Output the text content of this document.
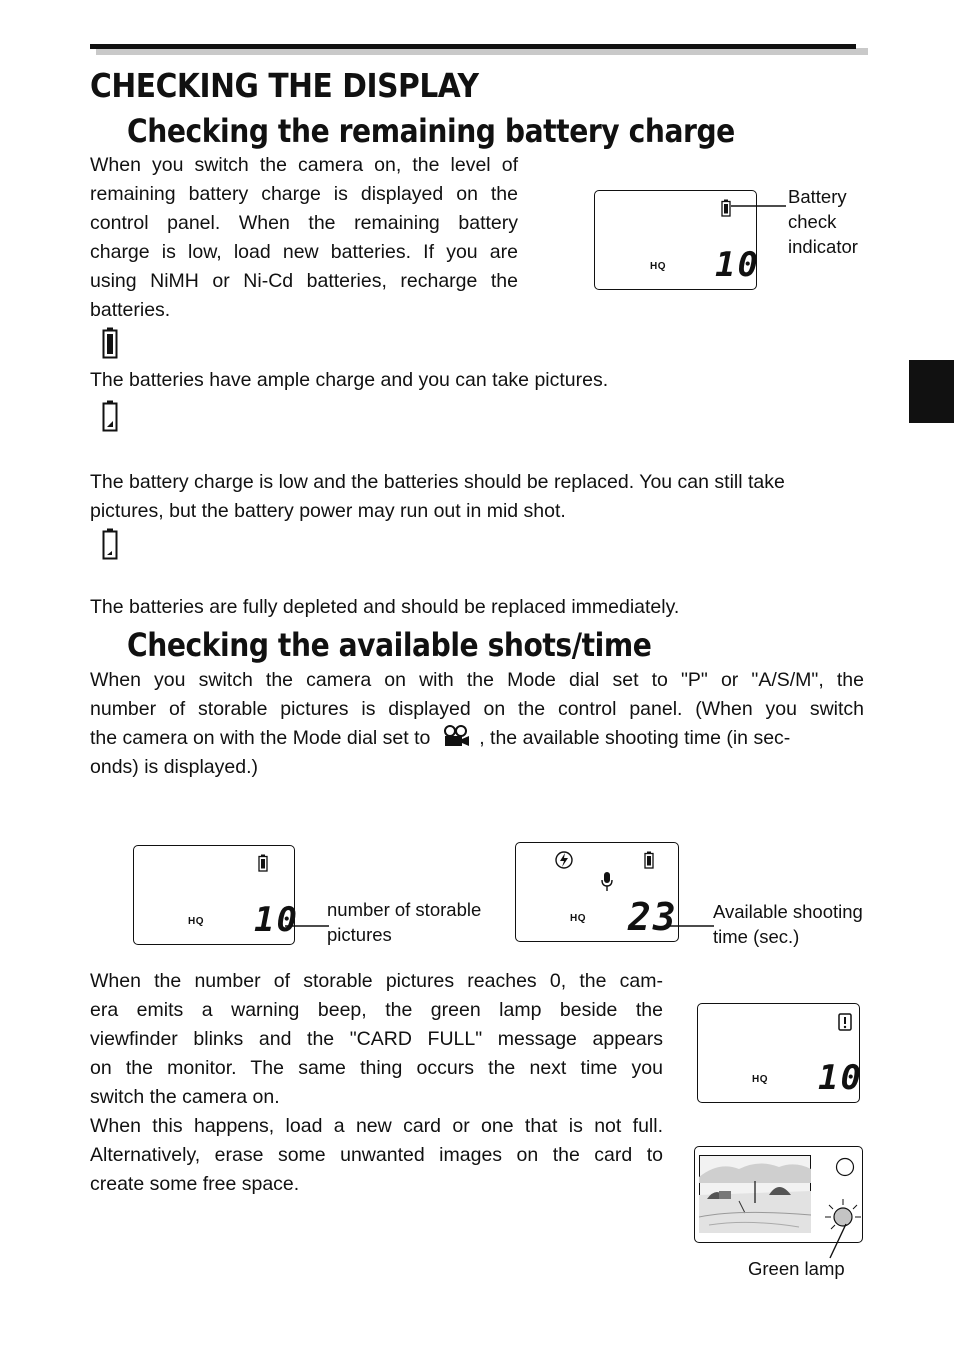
CHECKING THE DISPLAY
Checking the remaining battery charge

When you switch the camera on, the level of

remaining battery charge is displayed on the

control panel. When the remaining battery

charge is low, load new batteries. If you are

using NiMH or Ni-Cd batteries, recharge the

batteries.

HQ 10

Battery

check

indicator

The batteries have ample charge and you can take pictures.

The battery charge is low and the batteries should be replaced. You can still take

pictures, but the battery power may run out in mid shot.

The batteries are fully depleted and should be replaced immediately.

Checking the available shots/time

When you switch the camera on with the Mode dial set to "P" or "A/S/M", the

number of storable pictures is displayed on the control panel. (When you switch

the camera on with the Mode dial set to	, the available shooting time (in sec-

onds) is displayed.)

HQ 10 number of storable

pictures

HQ 23 Available shooting

time (sec.)

When the number of storable pictures reaches 0, the cam-

era emits a warning beep, the green lamp beside the

viewfinder blinks and the "CARD FULL" message appears

on the monitor. The same thing occurs the next time you

switch the camera on.

When this happens, load a new card or one that is not full.

Alternatively, erase some unwanted images on the card to

create some free space.

HQ 10

Green lamp
